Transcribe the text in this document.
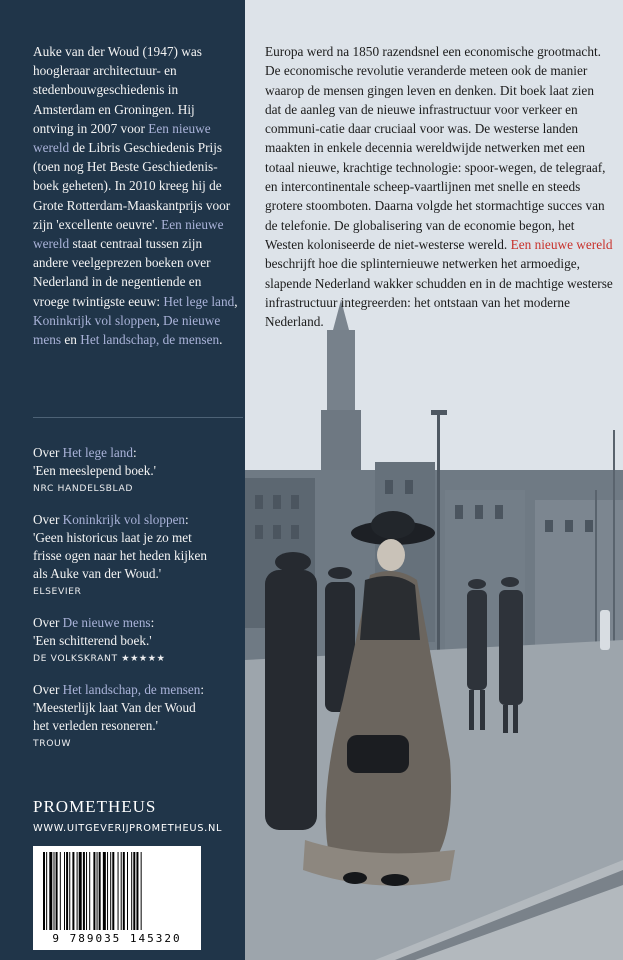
Auke van der Woud (1947) was hoogleraar architectuur- en stedenbouwgeschiedenis in Amsterdam en Groningen. Hij ontving in 2007 voor Een nieuwe wereld de Libris Geschiedenis Prijs (toen nog Het Beste Geschiedenis-boek geheten). In 2010 kreeg hij de Grote Rotterdam-Maaskantprijs voor zijn 'excellente oeuvre'. Een nieuwe wereld staat centraal tussen zijn andere veelgeprezen boeken over Nederland in de negentiende en vroege twintigste eeuw: Het lege land, Koninkrijk vol sloppen, De nieuwe mens en Het landschap, de mensen.
Over Het lege land:
'Een meeslepend boek.'
NRC HANDELSBLAD
Over Koninkrijk vol sloppen:
'Geen historicus laat je zo met
frisse ogen naar het heden kijken
als Auke van der Woud.'
ELSEVIER
Over De nieuwe mens:
'Een schitterend boek.'
DE VOLKSKRANT ★★★★★
Over Het landschap, de mensen:
'Meesterlijk laat Van der Woud
het verleden resoneren.'
TROUW
PROMETHEUS
WWW.UITGEVERIJPROMETHEUS.NL
9 789035 145320
Europa werd na 1850 razendsnel een economische grootmacht. De economische revolutie veranderde meteen ook de manier waarop de mensen gingen leven en denken. Dit boek laat zien dat de aanleg van de nieuwe infrastructuur voor verkeer en communi-catie daar cruciaal voor was. De westerse landen maakten in enkele decennia wereldwijde netwerken met een totaal nieuwe, krachtige technologie: spoor-wegen, de telegraaf, en intercontinentale scheep-vaartlijnen met snelle en steeds grotere stoomboten. Daarna volgde het stormachtige succes van de telefonie. De globalisering van de economie begon, het Westen koloniseerde de niet-westerse wereld. Een nieuwe wereld beschrijft hoe die splinternieuwe netwerken het armoedige, slapende Nederland wakker schudden en in de machtige westerse infrastructuur integreerden: het ontstaan van het moderne Nederland.
